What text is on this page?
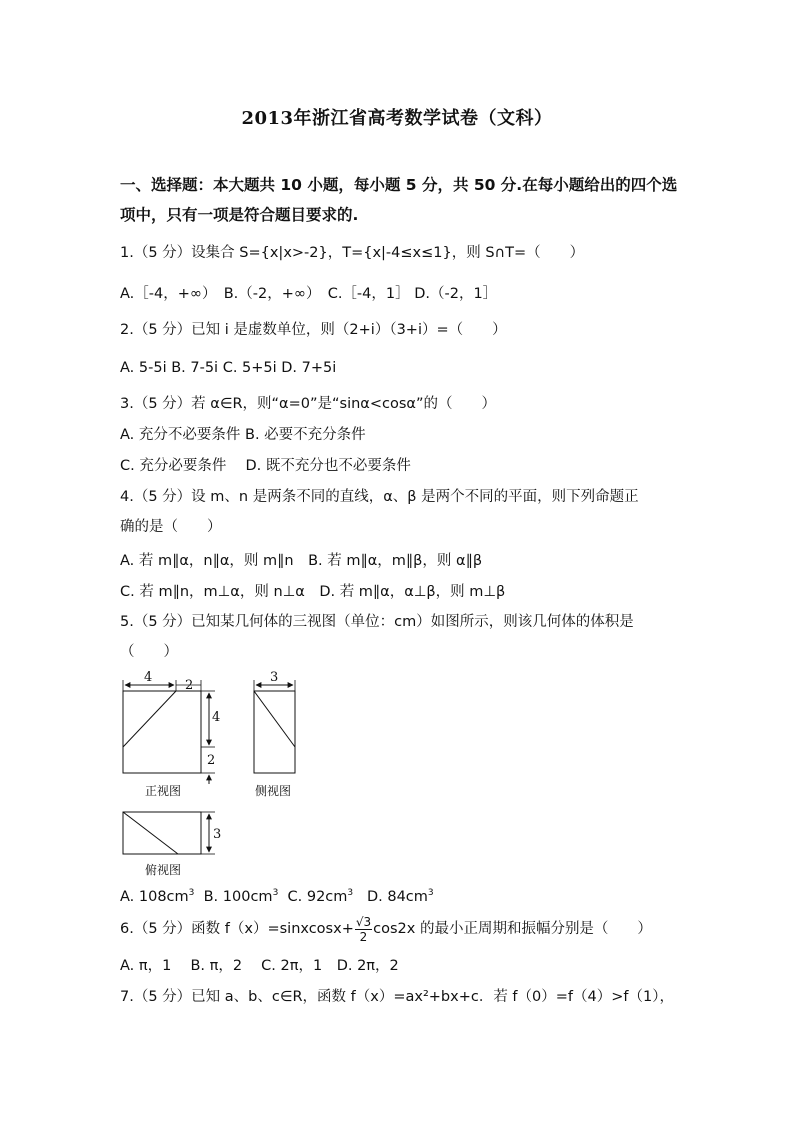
2013年浙江省高考数学试卷（文科）
一、选择题：本大题共 10 小题，每小题 5 分，共 50 分.在每小题给出的四个选
项中，只有一项是符合题目要求的.
1.（5 分）设集合 S={x|x>-2}，T={x|-4≤x≤1}，则 S∩T=（　　）
A.［-4，+∞）　B.（-2，+∞）　C.［-4，1］ D.（-2，1］
2.（5 分）已知 i 是虚数单位，则（2+i）（3+i）=（　　）
A. 5-5i B. 7-5i C. 5+5i D. 7+5i
3.（5 分）若 α∈R，则“α=0”是“sinα<cosα”的（　　）
A. 充分不必要条件 B. 必要不充分条件
C. 充分必要条件　 D. 既不充分也不必要条件
4.（5 分）设 m、n 是两条不同的直线，α、β 是两个不同的平面，则下列命题正
确的是（　　）
A. 若 m∥α，n∥α，则 m∥n　B. 若 m∥α，m∥β，则 α∥β
C. 若 m∥n，m⊥α，则 n⊥α　D. 若 m∥α，α⊥β，则 m⊥β
5.（5 分）已知某几何体的三视图（单位：cm）如图所示，则该几何体的体积是
（　　）
4
2
4
2
3
3
正视图	侧视图
俯视图
A. $108cm^3$ B. $100cm^3$ C. $92cm^3$ D. $84cm^3$
6.（5 分）函数 f（x）=sinxcosx+ $\frac{√3}{2} \cos 2x$ 的最小正周期和振幅分别是（　　）
A. π，1　 B. π，2　 C. 2π，1　D. 2π，2
7.（5 分）已知 a、b、c∈R，函数 f（x）=ax²+bx+c．若 f（0）=f（4）>f（1），
